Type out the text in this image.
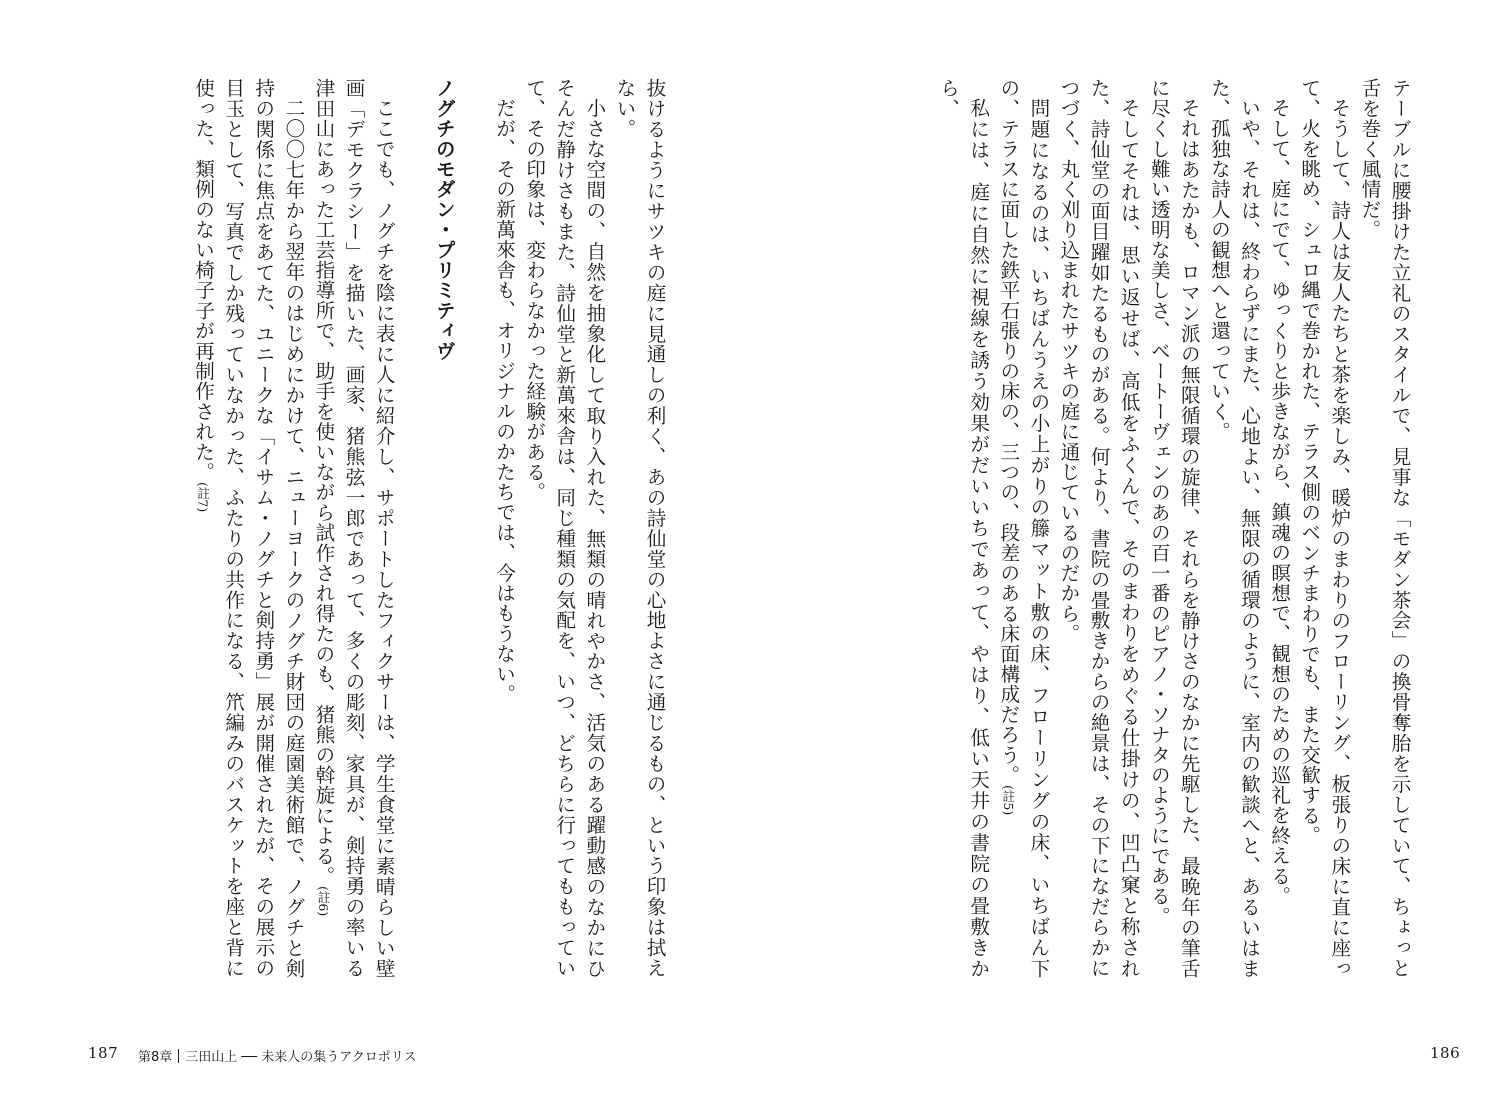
抜けるようにサツキの庭に見通しの利く、あの詩仙堂の心地よさに通じるもの、という印象は拭えない。

小さな空間の、自然を抽象化して取り入れた、無類の晴れやかさ、活気のある躍動感のなかにひそんだ静けさもまた、詩仙堂と新萬來舎は、同じ種類の気配を、いつ、どちらに行ってももっていて、その印象は、変わらなかった経験がある。

だが、その新萬來舎も、オリジナルのかたちでは、今はもうない。

ノグチのモダン・プリミティヴ

ここでも、ノグチを陰に表に人に紹介し、サポートしたフィクサーは、学生食堂に素晴らしい壁画「デモクラシー」を描いた、画家、猪熊弦一郎であって、多くの彫刻、家具が、剣持勇の率いる津田山にあった工芸指導所で、助手を使いながら試作され得たのも、猪熊の斡旋による。(註6)

二〇〇七年から翌年のはじめにかけて、ニューヨークのノグチ財団の庭園美術館で、ノグチと剣持の関係に焦点をあてた、ユニークな「イサム・ノグチと剣持勇」展が開催されたが、その展示の目玉として、写真でしか残っていなかった、ふたりの共作になる、笊編みのバスケットを座と背に使った、類例のない椅子子が再制作された。(註7)

187 第8章 三田山上 ── 未来人の集うアクロポリス

テーブルに腰掛けた立礼のスタイルで、見事な「モダン茶会」の換骨奪胎を示していて、ちょっと舌を巻く風情だ。

そうして、詩人は友人たちと茶を楽しみ、暖炉のまわりのフローリング、板張りの床に直に座って、火を眺め、シュロ縄で巻かれた、テラス側のベンチまわりでも、また交歓する。

そして、庭にでて、ゆっくりと歩きながら、鎮魂の瞑想で、観想のための巡礼を終える。

いや、それは、終わらずにまた、心地よい、無限の循環のように、室内の歓談へと、あるいはまた、孤独な詩人の観想へと還っていく。

それはあたかも、ロマン派の無限循環の旋律、それらを静けさのなかに先駆した、最晩年の筆舌に尽くし難い透明な美しさ、ベートーヴェンのあの百一番のピアノ・ソナタのようにである。

そしてそれは、思い返せば、高低をふくんで、そのまわりをめぐる仕掛けの、凹凸窠と称された、詩仙堂の面目躍如たるものがある。何より、書院の畳敷きからの絶景は、その下になだらかにつづく、丸く刈り込まれたサツキの庭に通じているのだから。

問題になるのは、いちばんうえの小上がりの籐マット敷の床、フローリングの床、いちばん下の、テラスに面した鉄平石張りの床の、三つの、段差のある床面構成だろう。(註5)

私には、庭に自然に視線を誘う効果がだいいちであって、やはり、低い天井の書院の畳敷きから、

186
